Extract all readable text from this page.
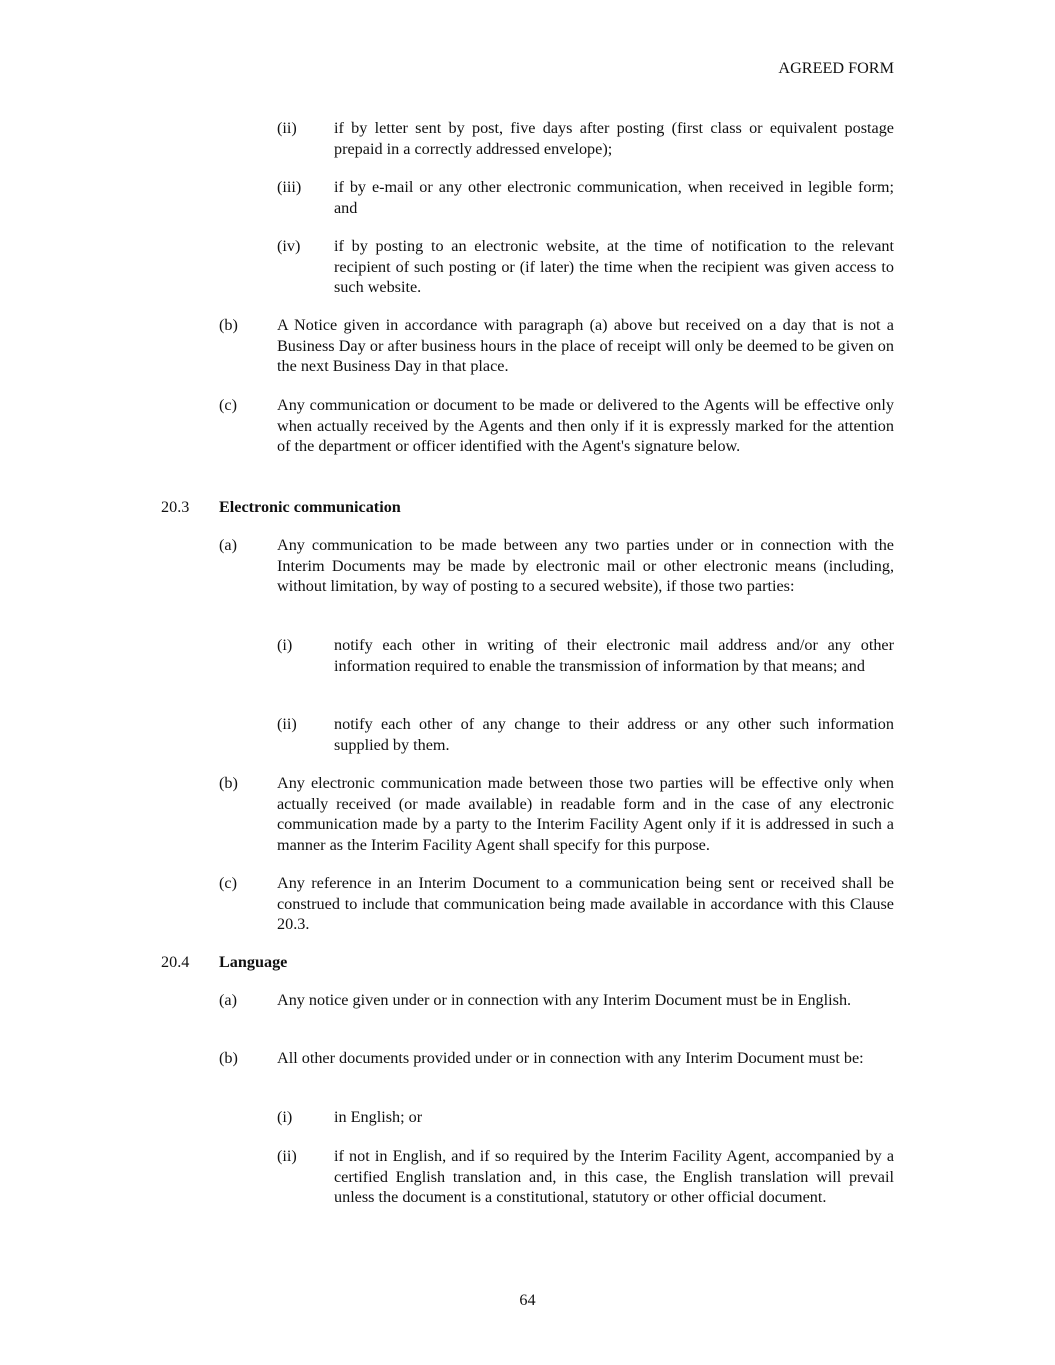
AGREED FORM
(ii) if by letter sent by post, five days after posting (first class or equivalent postage prepaid in a correctly addressed envelope);
(iii) if by e-mail or any other electronic communication, when received in legible form; and
(iv) if by posting to an electronic website, at the time of notification to the relevant recipient of such posting or (if later) the time when the recipient was given access to such website.
(b) A Notice given in accordance with paragraph (a) above but received on a day that is not a Business Day or after business hours in the place of receipt will only be deemed to be given on the next Business Day in that place.
(c) Any communication or document to be made or delivered to the Agents will be effective only when actually received by the Agents and then only if it is expressly marked for the attention of the department or officer identified with the Agent's signature below.
20.3 Electronic communication
(a) Any communication to be made between any two parties under or in connection with the Interim Documents may be made by electronic mail or other electronic means (including, without limitation, by way of posting to a secured website), if those two parties:
(i)	notify each other in writing of their electronic mail address and/or any other information required to enable the transmission of information by that means; and
(ii) notify each other of any change to their address or any other such information supplied by them.
(b) Any electronic communication made between those two parties will be effective only when actually received (or made available) in readable form and in the case of any electronic communication made by a party to the Interim Facility Agent only if it is addressed in such a manner as the Interim Facility Agent shall specify for this purpose.
(c) Any reference in an Interim Document to a communication being sent or received shall be construed to include that communication being made available in accordance with this Clause 20.3.
20.4 Language
(a) Any notice given under or in connection with any Interim Document must be in English.
(b) All other documents provided under or in connection with any Interim Document must be:
(i)	in English; or
(ii) if not in English, and if so required by the Interim Facility Agent, accompanied by a certified English translation and, in this case, the English translation will prevail unless the document is a constitutional, statutory or other official document.
64
